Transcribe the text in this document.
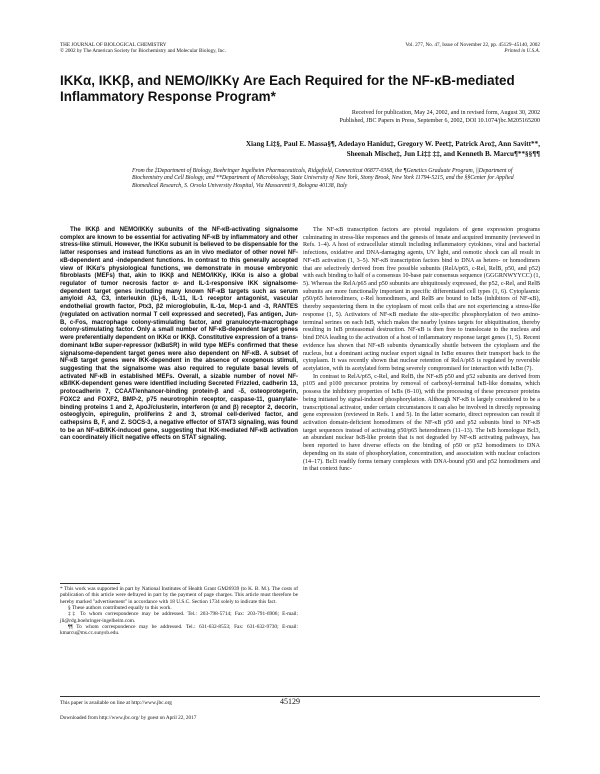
THE JOURNAL OF BIOLOGICAL CHEMISTRY
© 2002 by The American Society for Biochemistry and Molecular Biology, Inc.
Vol. 277, No. 47, Issue of November 22, pp. 45129–45140, 2002
Printed in U.S.A.
IKKα, IKKβ, and NEMO/IKKγ Are Each Required for the NF-κB-mediated Inflammatory Response Program*
Received for publication, May 24, 2002, and in revised form, August 30, 2002
Published, JBC Papers in Press, September 6, 2002, DOI 10.1074/jbc.M205165200
Xiang Li‡§, Paul E. Massa§¶, Adedayo Hanidu‡, Gregory W. Peet‡, Patrick Aro‡, Ann Savitt**,
Sheenah Mische‡, Jun Li‡‡ ‡‡, and Kenneth B. Marcu¶**§§¶¶
From the ‡Department of Biology, Boehringer Ingelheim Pharmaceuticals, Ridgefield, Connecticut 06877-0368, the ¶Genetics Graduate Program, ||Department of Biochemistry and Cell Biology, and **Department of Microbiology, State University of New York, Stony Brook, New York 11794-5215, and the §§Center for Applied Biomedical Research, S. Orsola University Hospital, Via Massarenti 9, Bologna 40138, Italy
The IKKβ and NEMO/IKKγ subunits of the NF-κB-activating signalsome complex are known to be essential for activating NF-κB by inflammatory and other stress-like stimuli. However, the IKKα subunit is believed to be dispensable for the latter responses and instead functions as an in vivo mediator of other novel NF-κB-dependent and -independent functions. In contrast to this generally accepted view of IKKα's physiological functions, we demonstrate in mouse embryonic fibroblasts (MEFs) that, akin to IKKβ and NEMO/IKKγ, IKKα is also a global regulator of tumor necrosis factor α- and IL-1-responsive IKK signalsome-dependent target genes including many known NF-κB targets such as serum amyloid A3, C3, interleukin (IL)-6, IL-11, IL-1 receptor antagonist, vascular endothelial growth factor, Ptx3, β2 microglobulin, IL-1α, Mcp-1 and -3, RANTES (regulated on activation normal T cell expressed and secreted), Fas antigen, Jun-B, c-Fos, macrophage colony-stimulating factor, and granulocyte-macrophage colony-stimulating factor. Only a small number of NF-κB-dependent target genes were preferentially dependent on IKKα or IKKβ. Constitutive expression of a trans-dominant IκBα super-repressor (IκBαSR) in wild type MEFs confirmed that these signalsome-dependent target genes were also dependent on NF-κB. A subset of NF-κB target genes were IKK-dependent in the absence of exogenous stimuli, suggesting that the signalsome was also required to regulate basal levels of activated NF-κB in established MEFs. Overall, a sizable number of novel NF-κB/IKK-dependent genes were identified including Secreted Frizzled, cadherin 13, protocadherin 7, CCAAT/enhancer-binding protein-β and -δ, osteoprotegerin, FOXC2 and FOXF2, BMP-2, p75 neurotrophin receptor, caspase-11, guanylate-binding proteins 1 and 2, ApoJ/clusterin, interferon (α and β) receptor 2, decorin, osteoglycin, epiregulin, proliferins 2 and 3, stromal cell-derived factor, and cathepsins B, F, and Z. SOCS-3, a negative effector of STAT3 signaling, was found to be an NF-κB/IKK-induced gene, suggesting that IKK-mediated NF-κB activation can coordinately illicit negative effects on STAT signaling.

* This work was supported in part by National Institutes of Health Grant GM26939 (to K. B. M.). The costs of publication of this article were defrayed in part by the payment of page charges. This article must therefore be hereby marked "advertisement" in accordance with 18 U.S.C. Section 1734 solely to indicate this fact.

§ These authors contributed equally to this work.

‡‡ To whom correspondence may be addressed. Tel.: 203-798-5714; Fax: 203-791-6906; E-mail: jli@rdg.boehringer-ingelheim.com.

¶¶ To whom correspondence may be addressed. Tel.: 631-632-8553; Fax: 631-632-9730; E-mail: kmarcu@ms.cc.sunysb.edu.

The NF-κB transcription factors are pivotal regulators of gene expression programs culminating in stress-like responses and the genesis of innate and acquired immunity (reviewed in Refs. 1–4). A host of extracellular stimuli including inflammatory cytokines, viral and bacterial infections, oxidative and DNA-damaging agents, UV light, and osmotic shock can all result in NF-κB activation (1, 3–5). NF-κB transcription factors bind to DNA as hetero- or homodimers that are selectively derived from five possible subunits (RelA/p65, c-Rel, RelB, p50, and p52) with each binding to half of a consensus 10-base pair consensus sequence (GGGRNWYYCC) (1, 5). Whereas the RelA/p65 and p50 subunits are ubiquitously expressed, the p52, c-Rel, and RelB subunits are more functionally important in specific differentiated cell types (1, 6). Cytoplasmic p50/p65 heterodimers, c-Rel homodimers, and RelB are bound to IκBs (inhibitors of NF-κB), thereby sequestering them in the cytoplasm of most cells that are not experiencing a stress-like response (1, 5). Activators of NF-κB mediate the site-specific phosphorylation of two amino-terminal serines on each IκB, which makes the nearby lysines targets for ubiquitination, thereby resulting in IκB proteasomal destruction. NF-κB is then free to translocate to the nucleus and bind DNA leading to the activation of a host of inflammatory response target genes (1, 5). Recent evidence has shown that NF-κB subunits dynamically shuttle between the cytoplasm and the nucleus, but a dominant acting nuclear export signal in IκBα ensures their transport back to the cytoplasm. It was recently shown that nuclear retention of RelA/p65 is regulated by reversible acetylation, with its acetylated form being severely compromised for interaction with IκBα (7).

In contrast to RelA/p65, c-Rel, and RelB, the NF-κB p50 and p52 subunits are derived from p105 and p100 precursor proteins by removal of carboxyl-terminal IκB-like domains, which possess the inhibitory properties of IκBs (8–10), with the processing of these precursor proteins being initiated by signal-induced phosphorylation. Although NF-κB is largely considered to be a transcriptional activator, under certain circumstances it can also be involved in directly repressing gene expression (reviewed in Refs. 1 and 5). In the latter scenario, direct repression can result if activation domain-deficient homodimers of the NF-κB p50 and p52 subunits bind to NF-κB target sequences instead of activating p50/p65 heterodimers (11–13). The IκB homologue Bcl3, an abundant nuclear IκB-like protein that is not degraded by NF-κB activating pathways, has been reported to have diverse effects on the binding of p50 or p52 homodimers to DNA depending on its state of phosphorylation, concentration, and association with nuclear cofactors (14–17). Bcl3 readily forms ternary complexes with DNA-bound p50 and p52 homodimers and in that context func-

This paper is available on line at http://www.jbc.org	45129
Downloaded from http://www.jbc.org/ by guest on April 22, 2017
